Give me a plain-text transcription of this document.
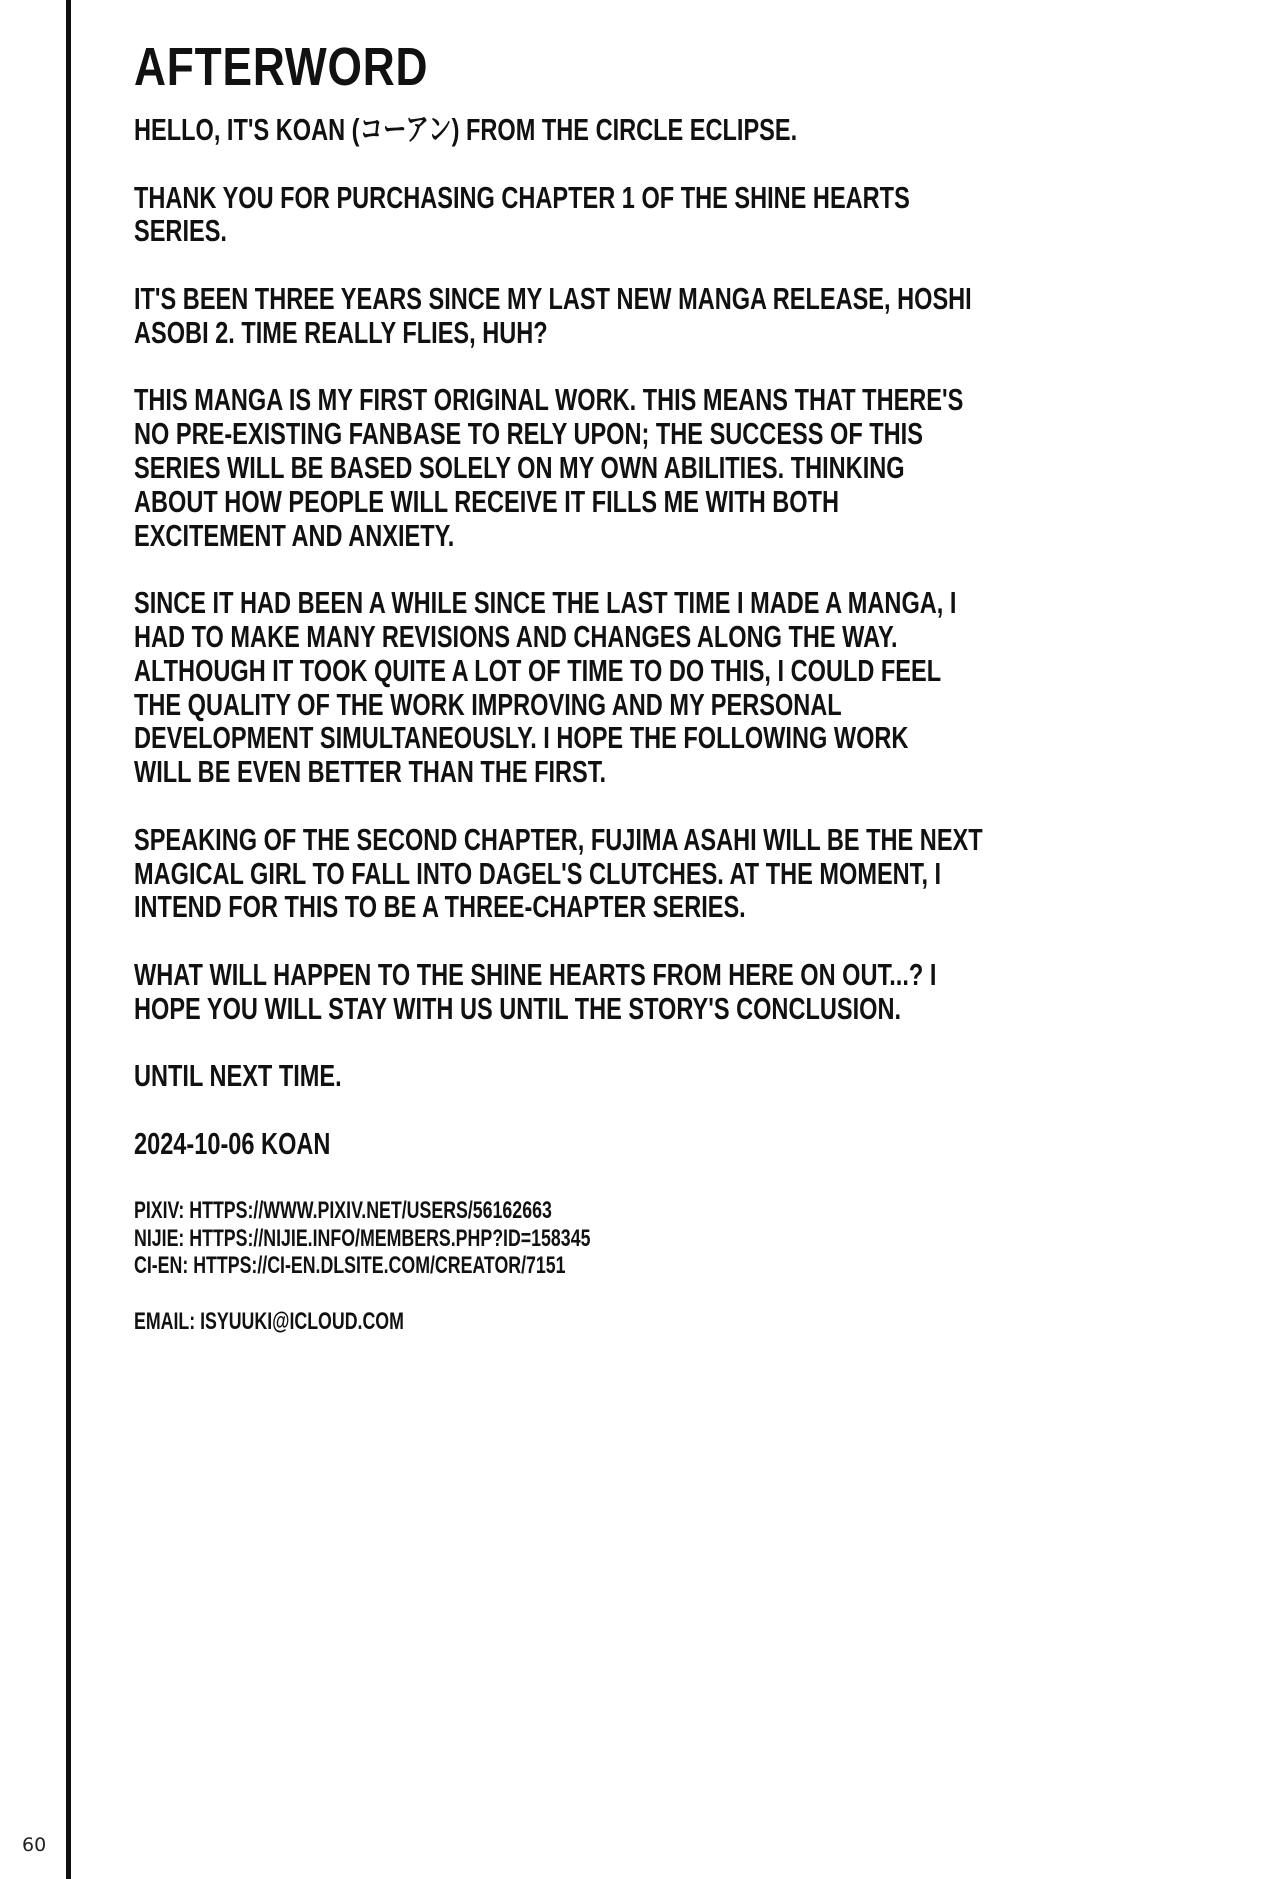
60
AFTERWORD
HELLO, IT'S KOAN (コーアン) FROM THE CIRCLE ECLIPSE.
THANK YOU FOR PURCHASING CHAPTER 1 OF THE SHINE HEARTS
SERIES.
IT'S BEEN THREE YEARS SINCE MY LAST NEW MANGA RELEASE, HOSHI
ASOBI 2. TIME REALLY FLIES, HUH?
THIS MANGA IS MY FIRST ORIGINAL WORK. THIS MEANS THAT THERE'S
NO PRE-EXISTING FANBASE TO RELY UPON; THE SUCCESS OF THIS
SERIES WILL BE BASED SOLELY ON MY OWN ABILITIES. THINKING
ABOUT HOW PEOPLE WILL RECEIVE IT FILLS ME WITH BOTH
EXCITEMENT AND ANXIETY.
SINCE IT HAD BEEN A WHILE SINCE THE LAST TIME I MADE A MANGA, I
HAD TO MAKE MANY REVISIONS AND CHANGES ALONG THE WAY.
ALTHOUGH IT TOOK QUITE A LOT OF TIME TO DO THIS, I COULD FEEL
THE QUALITY OF THE WORK IMPROVING AND MY PERSONAL
DEVELOPMENT SIMULTANEOUSLY. I HOPE THE FOLLOWING WORK
WILL BE EVEN BETTER THAN THE FIRST.
SPEAKING OF THE SECOND CHAPTER, FUJIMA ASAHI WILL BE THE NEXT
MAGICAL GIRL TO FALL INTO DAGEL'S CLUTCHES. AT THE MOMENT, I
INTEND FOR THIS TO BE A THREE-CHAPTER SERIES.
WHAT WILL HAPPEN TO THE SHINE HEARTS FROM HERE ON OUT...? I
HOPE YOU WILL STAY WITH US UNTIL THE STORY'S CONCLUSION.
UNTIL NEXT TIME.
2024-10-06 KOAN
PIXIV: HTTPS://WWW.PIXIV.NET/USERS/56162663
NIJIE: HTTPS://NIJIE.INFO/MEMBERS.PHP?ID=158345
CI-EN: HTTPS://CI-EN.DLSITE.COM/CREATOR/7151
EMAIL: ISYUUKI@ICLOUD.COM
